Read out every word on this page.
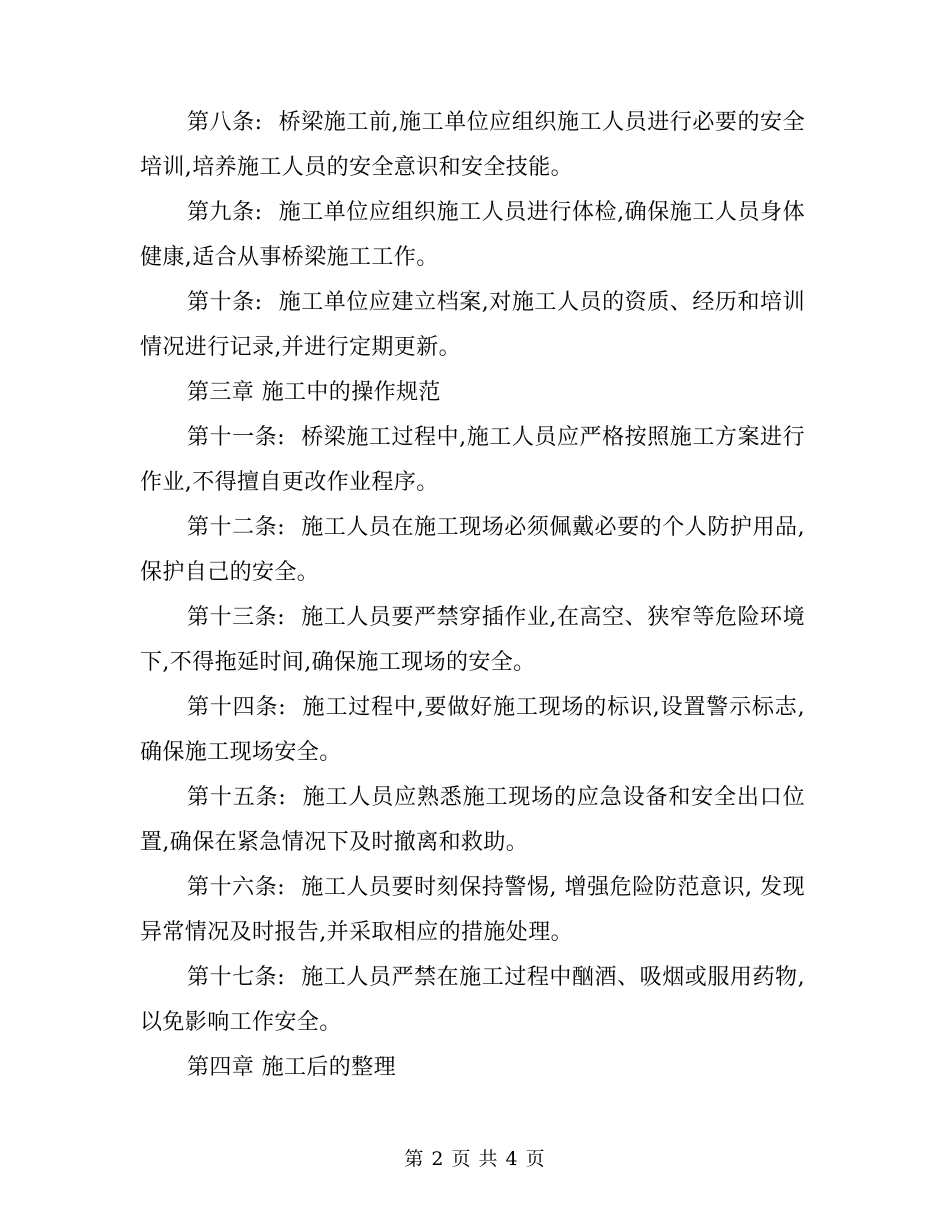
第八条: 桥梁施工前,施工单位应组织施工人员进行必要的安全培训,培养施工人员的安全意识和安全技能。

第九条: 施工单位应组织施工人员进行体检,确保施工人员身体健康,适合从事桥梁施工工作。

第十条: 施工单位应建立档案,对施工人员的资质、经历和培训情况进行记录,并进行定期更新。

第三章 施工中的操作规范

第十一条: 桥梁施工过程中,施工人员应严格按照施工方案进行作业,不得擅自更改作业程序。

第十二条: 施工人员在施工现场必须佩戴必要的个人防护用品,保护自己的安全。

第十三条: 施工人员要严禁穿插作业,在高空、狭窄等危险环境下,不得拖延时间,确保施工现场的安全。

第十四条: 施工过程中,要做好施工现场的标识,设置警示标志,确保施工现场安全。

第十五条: 施工人员应熟悉施工现场的应急设备和安全出口位置,确保在紧急情况下及时撤离和救助。

第十六条: 施工人员要时刻保持警惕, 增强危险防范意识, 发现异常情况及时报告,并采取相应的措施处理。

第十七条: 施工人员严禁在施工过程中酗酒、吸烟或服用药物,以免影响工作安全。

第四章 施工后的整理

第 2 页 共 4 页
